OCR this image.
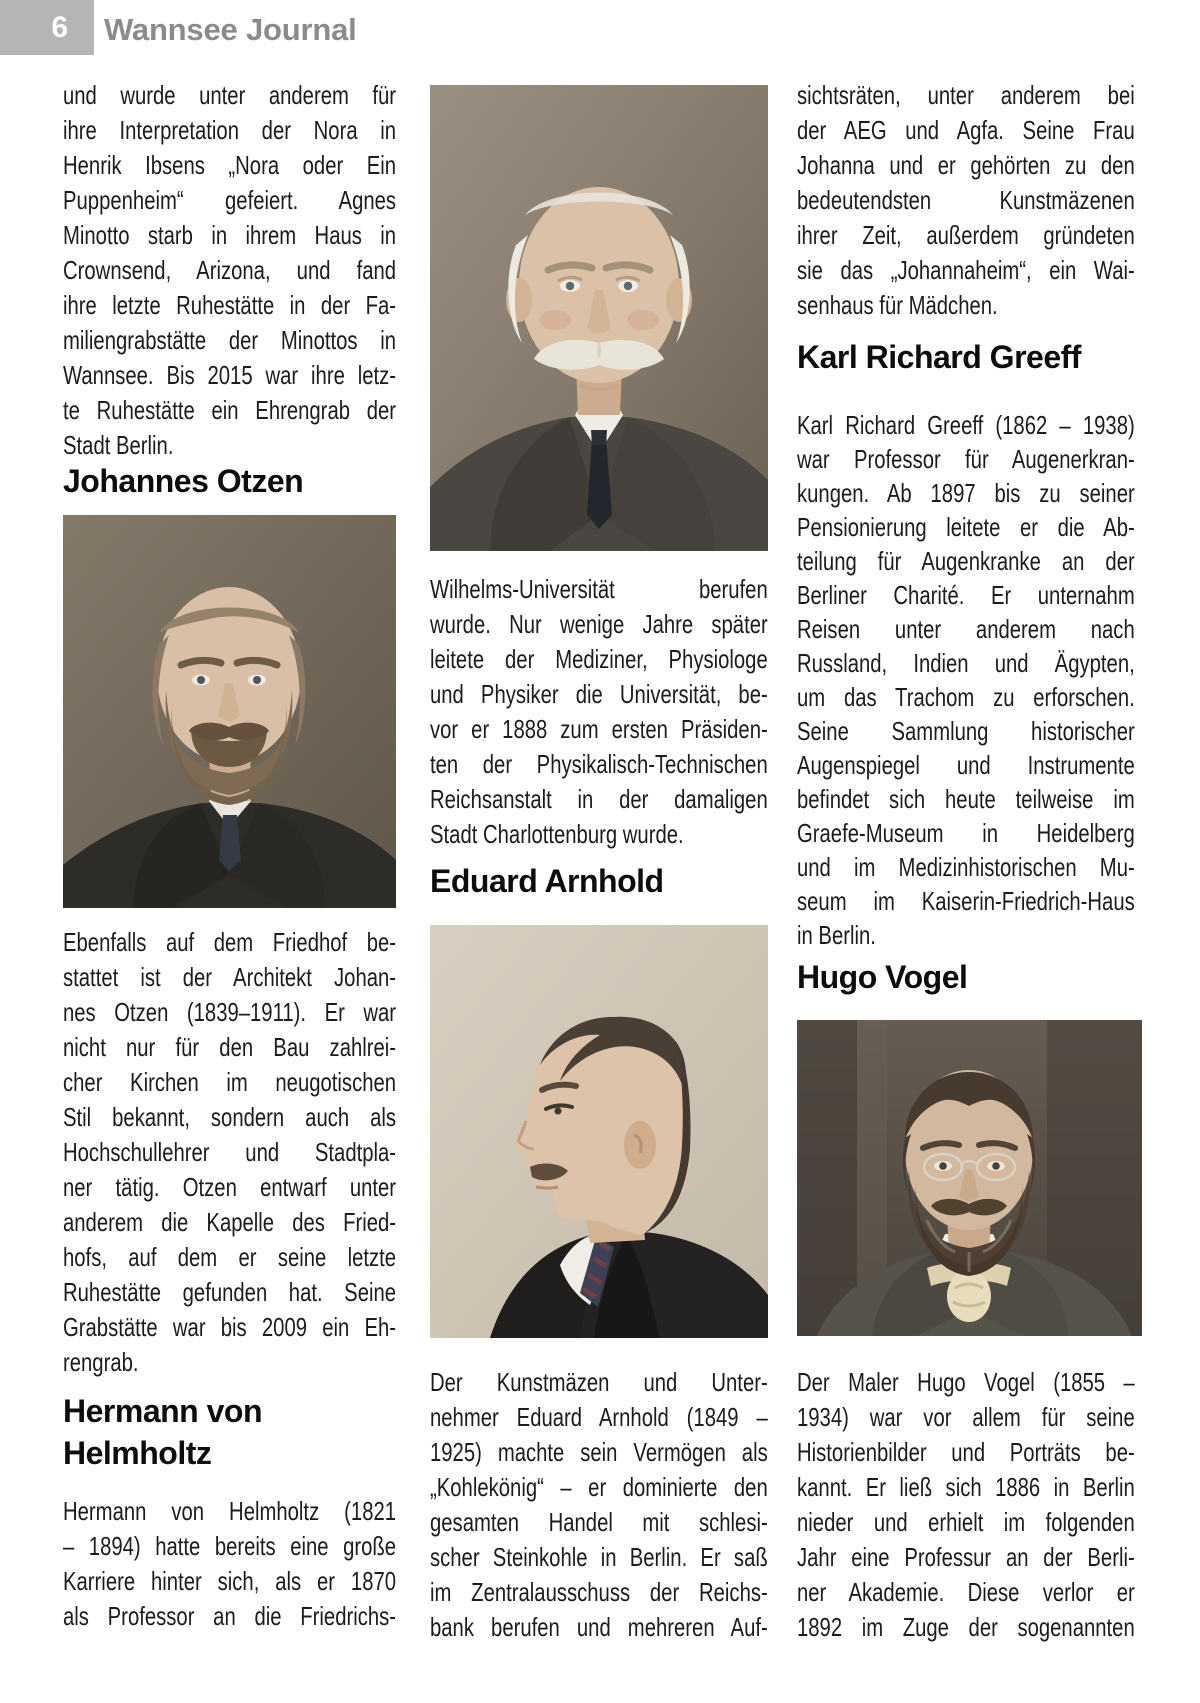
6 Wannsee Journal
und wurde unter anderem für
ihre Interpretation der Nora in
Henrik Ibsens „Nora oder Ein
Puppenheim“ gefeiert. Agnes
Minotto starb in ihrem Haus in
Crownsend, Arizona, und fand
ihre letzte Ruhestätte in der Fa-
miliengrabstätte der Minottos in
Wannsee. Bis 2015 war ihre letz-
te Ruhestätte ein Ehrengrab der
Stadt Berlin.
Johannes Otzen
Ebenfalls auf dem Friedhof be-
stattet ist der Architekt Johan-
nes Otzen (1839–1911). Er war
nicht nur für den Bau zahlrei-
cher Kirchen im neugotischen
Stil bekannt, sondern auch als
Hochschullehrer und Stadtpla-
ner tätig. Otzen entwarf unter
anderem die Kapelle des Fried-
hofs, auf dem er seine letzte
Ruhestätte gefunden hat. Seine
Grabstätte war bis 2009 ein Eh-
rengrab.
Hermann von Helmholtz
Hermann von Helmholtz (1821
– 1894) hatte bereits eine große
Karriere hinter sich, als er 1870
als Professor an die Friedrichs-
Wilhelms-Universität berufen
wurde. Nur wenige Jahre später
leitete der Mediziner, Physiologe
und Physiker die Universität, be-
vor er 1888 zum ersten Präsiden-
ten der Physikalisch-Technischen
Reichsanstalt in der damaligen
Stadt Charlottenburg wurde.
Eduard Arnhold
Der Kunstmäzen und Unter-
nehmer Eduard Arnhold (1849 –
1925) machte sein Vermögen als
„Kohlekönig“ – er dominierte den
gesamten Handel mit schlesi-
scher Steinkohle in Berlin. Er saß
im Zentralausschuss der Reichs-
bank berufen und mehreren Auf-
sichtsräten, unter anderem bei
der AEG und Agfa. Seine Frau
Johanna und er gehörten zu den
bedeutendsten Kunstmäzenen
ihrer Zeit, außerdem gründeten
sie das „Johannaheim“, ein Wai-
senhaus für Mädchen.
Karl Richard Greeff
Karl Richard Greeff (1862 – 1938)
war Professor für Augenerkran-
kungen. Ab 1897 bis zu seiner
Pensionierung leitete er die Ab-
teilung für Augenkranke an der
Berliner Charité. Er unternahm
Reisen unter anderem nach
Russland, Indien und Ägypten,
um das Trachom zu erforschen.
Seine Sammlung historischer
Augenspiegel und Instrumente
befindet sich heute teilweise im
Graefe-Museum in Heidelberg
und im Medizinhistorischen Mu-
seum im Kaiserin-Friedrich-Haus
in Berlin.
Hugo Vogel
Der Maler Hugo Vogel (1855 –
1934) war vor allem für seine
Historienbilder und Porträts be-
kannt. Er ließ sich 1886 in Berlin
nieder und erhielt im folgenden
Jahr eine Professur an der Berli-
ner Akademie. Diese verlor er
1892 im Zuge der sogenannten
